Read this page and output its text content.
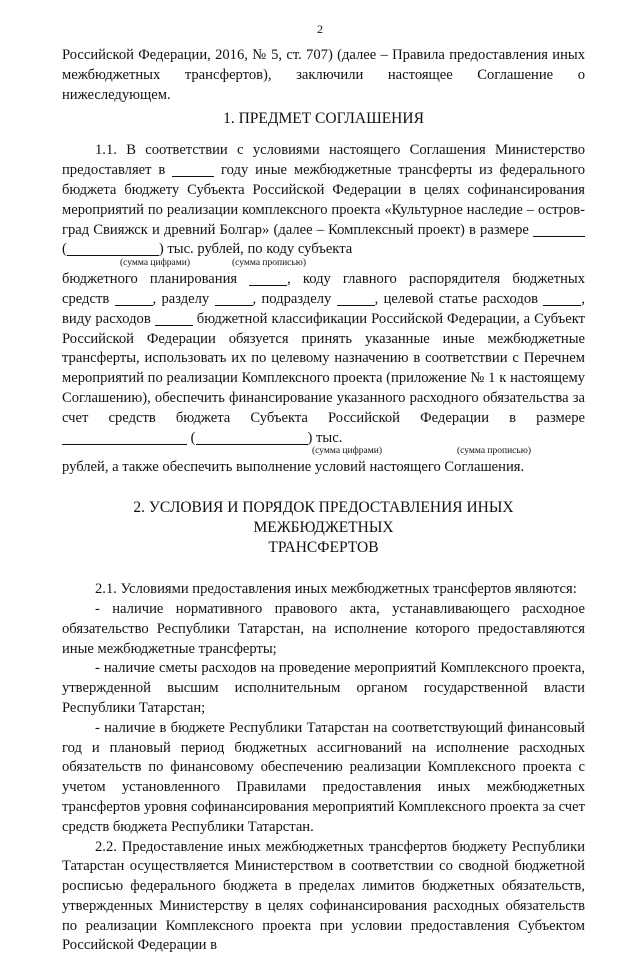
2

Российской Федерации, 2016, № 5, ст. 707) (далее – Правила предоставления иных межбюджетных трансфертов), заключили настоящее Соглашение о нижеследующем.

1. ПРЕДМЕТ СОГЛАШЕНИЯ

1.1. В соответствии с условиями настоящего Соглашения Министерство предоставляет в	году иные межбюджетные трансферты из федерального бюджета бюджету Субъекта Российской Федерации в целях софинансирования мероприятий по реализации комплексного проекта «Культурное наследие – остров-град Свияжск и древний Болгар» (далее – Комплексный проект) в размере  (	) тыс. рублей, по коду субъекта

(сумма цифрами)	(сумма прописью)

бюджетного планирования	, коду главного распорядителя бюджетных средств	, разделу	, подразделу	, целевой статье расходов	, виду расходов	бюджетной классификации Российской Федерации, а Субъект Российской Федерации обязуется принять указанные иные межбюджетные трансферты, использовать их по целевому назначению в соответствии с Перечнем мероприятий по реализации Комплексного проекта (приложение № 1 к настоящему Соглашению), обеспечить финансирование указанного расходного обязательства за счет средств бюджета Субъекта Российской Федерации в размере  (	) тыс.

(сумма цифрами)	(сумма прописью)

рублей, а также обеспечить выполнение условий настоящего Соглашения.

2. УСЛОВИЯ И ПОРЯДОК ПРЕДОСТАВЛЕНИЯ ИНЫХ МЕЖБЮДЖЕТНЫХ
ТРАНСФЕРТОВ

2.1. Условиями предоставления иных межбюджетных трансфертов являются:

- наличие нормативного правового акта, устанавливающего расходное обязательство Республики Татарстан, на исполнение которого предоставляются иные межбюджетные трансферты;

- наличие сметы расходов на проведение мероприятий Комплексного проекта, утвержденной высшим исполнительным органом государственной власти Республики Татарстан;

- наличие в бюджете Республики Татарстан на соответствующий финансовый год и плановый период бюджетных ассигнований на исполнение расходных обязательств по финансовому обеспечению реализации Комплексного проекта с учетом установленного Правилами предоставления иных межбюджетных трансфертов уровня софинансирования мероприятий Комплексного проекта за счет средств бюджета Республики Татарстан.

2.2. Предоставление иных межбюджетных трансфертов бюджету Республики Татарстан осуществляется Министерством в соответствии со сводной бюджетной росписью федерального бюджета в пределах лимитов бюджетных обязательств, утвержденных Министерству в целях софинансирования расходных обязательств по реализации Комплексного проекта при условии предоставления Субъектом Российской Федерации в
